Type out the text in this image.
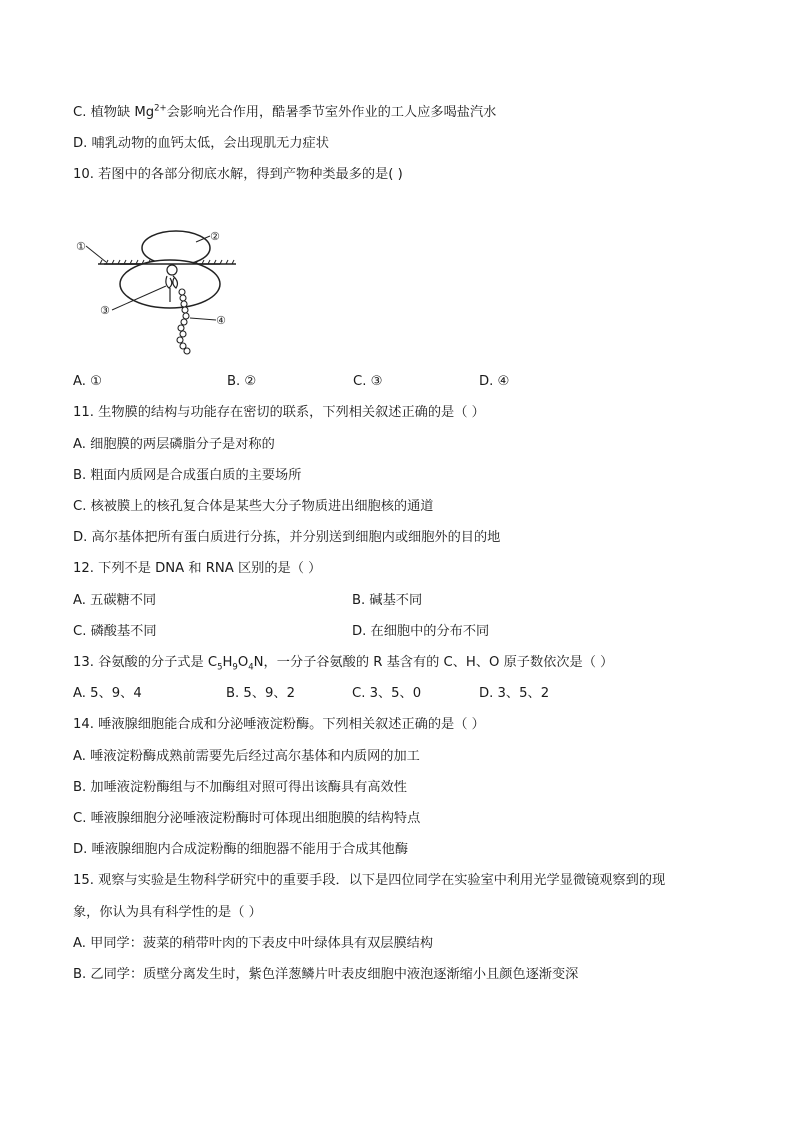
C. 植物缺 $Mg^{2+}$会影响光合作用，酷暑季节室外作业的工人应多喝盐汽水
D. 哺乳动物的血钙太低，会出现肌无力症状
10. 若图中的各部分彻底水解，得到产物种类最多的是( )
①
②
③
④
A. ①	B. ②	C. ③	D. ④
11. 生物膜的结构与功能存在密切的联系，下列相关叙述正确的是（ ）
A. 细胞膜的两层磷脂分子是对称的
B. 粗面内质网是合成蛋白质的主要场所
C. 核被膜上的核孔复合体是某些大分子物质进出细胞核的通道
D. 高尔基体把所有蛋白质进行分拣，并分别送到细胞内或细胞外的目的地
12. 下列不是 DNA 和 RNA 区别的是（ ）
A. 五碳糖不同	B. 碱基不同
C. 磷酸基不同	D. 在细胞中的分布不同
13. 谷氨酸的分子式是 $C_5H_9O_4N$，一分子谷氨酸的 R 基含有的 C、H、O 原子数依次是（ ）
A. 5、9、4	B. 5、9、2	C. 3、5、0	D. 3、5、2
14. 唾液腺细胞能合成和分泌唾液淀粉酶。下列相关叙述正确的是（ ）
A. 唾液淀粉酶成熟前需要先后经过高尔基体和内质网的加工
B. 加唾液淀粉酶组与不加酶组对照可得出该酶具有高效性
C. 唾液腺细胞分泌唾液淀粉酶时可体现出细胞膜的结构特点
D. 唾液腺细胞内合成淀粉酶的细胞器不能用于合成其他酶
15. 观察与实验是生物科学研究中的重要手段．以下是四位同学在实验室中利用光学显微镜观察到的现
象，你认为具有科学性的是（ ）
A. 甲同学：菠菜的稍带叶肉的下表皮中叶绿体具有双层膜结构
B. 乙同学：质壁分离发生时，紫色洋葱鳞片叶表皮细胞中液泡逐渐缩小且颜色逐渐变深
